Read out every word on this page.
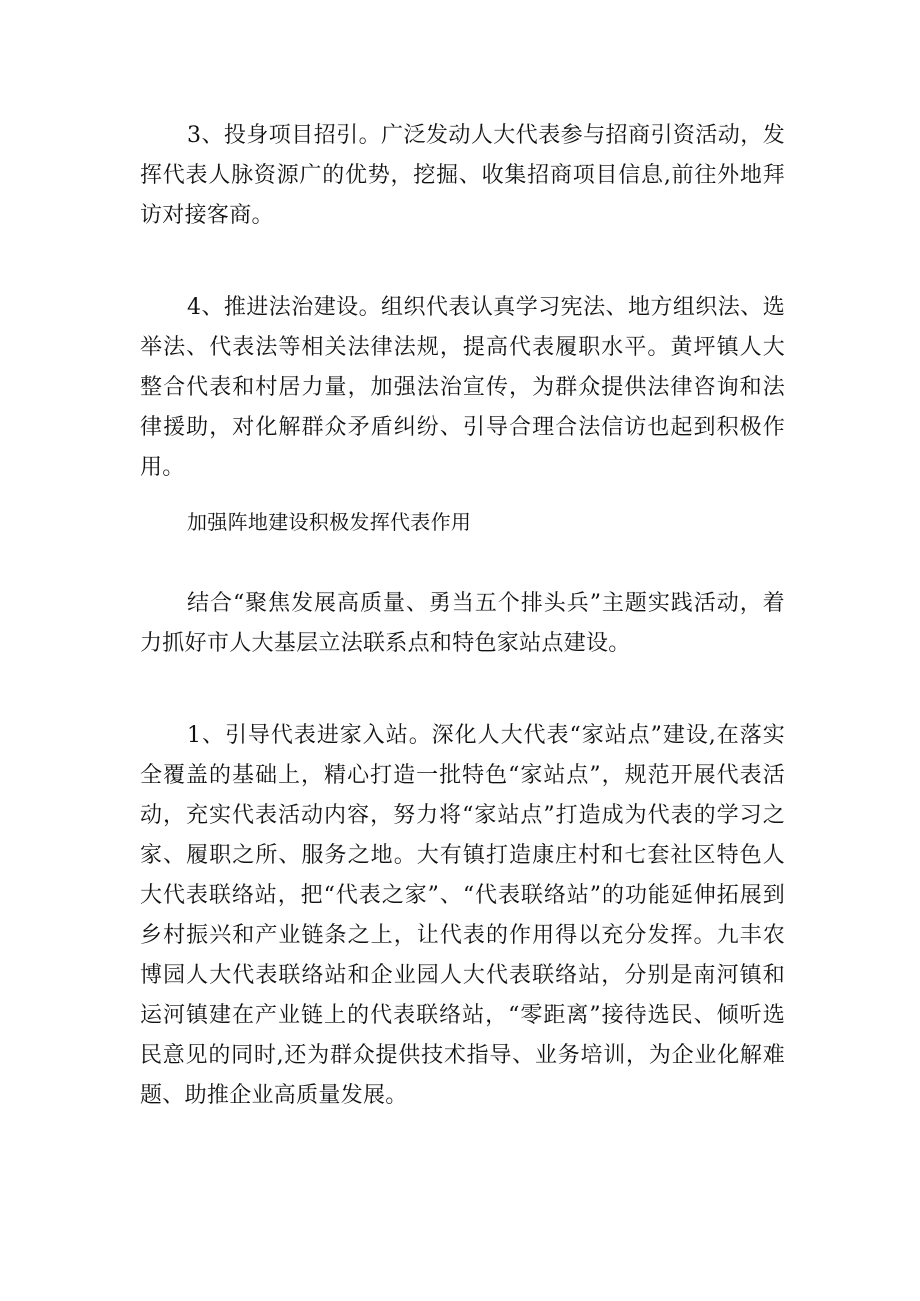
3、投身项目招引。广泛发动人大代表参与招商引资活动，发挥代表人脉资源广的优势，挖掘、收集招商项目信息,前往外地拜访对接客商。

4、推进法治建设。组织代表认真学习宪法、地方组织法、选举法、代表法等相关法律法规，提高代表履职水平。黄坪镇人大整合代表和村居力量，加强法治宣传，为群众提供法律咨询和法律援助，对化解群众矛盾纠纷、引导合理合法信访也起到积极作用。

加强阵地建设积极发挥代表作用

结合“聚焦发展高质量、勇当五个排头兵”主题实践活动，着力抓好市人大基层立法联系点和特色家站点建设。

1、引导代表进家入站。深化人大代表“家站点”建设,在落实全覆盖的基础上，精心打造一批特色“家站点”，规范开展代表活动，充实代表活动内容，努力将“家站点”打造成为代表的学习之家、履职之所、服务之地。大有镇打造康庄村和七套社区特色人大代表联络站，把“代表之家”、“代表联络站”的功能延伸拓展到乡村振兴和产业链条之上，让代表的作用得以充分发挥。九丰农博园人大代表联络站和企业园人大代表联络站，分别是南河镇和运河镇建在产业链上的代表联络站，“零距离”接待选民、倾听选民意见的同时,还为群众提供技术指导、业务培训，为企业化解难题、助推企业高质量发展。
